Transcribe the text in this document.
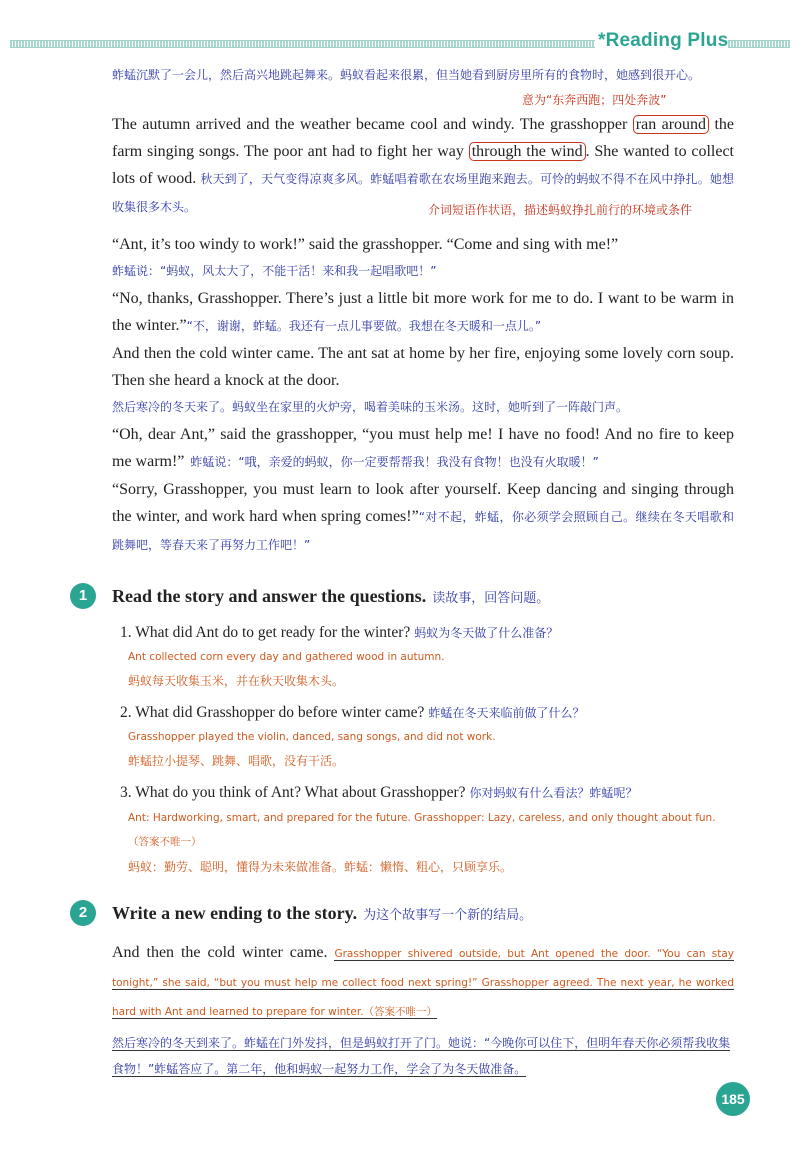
*Reading Plus

蚱蜢沉默了一会儿，然后高兴地跳起舞来。蚂蚁看起来很累，但当她看到厨房里所有的食物时，她感到很开心。

意为“东奔西跑；四处奔波”

The autumn arrived and the weather became cool and windy. The grasshopper ran around the farm singing songs. The poor ant had to fight her way through the wind . She wanted to collect lots of wood. 秋天到了，天气变得凉爽多风。蚱蜢唱着歌在农场里跑来跑去。可怜的蚂蚁不得不在风中挣扎。她想收集很多木头。	介词短语作状语，描述蚂蚁挣扎前行的环境或条件

“Ant, it’s too windy to work!” said the grasshopper. “Come and sing with me!”

蚱蜢说：“蚂蚁，风太大了，不能干活！来和我一起唱歌吧！”

“No, thanks, Grasshopper. There’s just a little bit more work for me to do. I want to be warm in the winter.”“不，谢谢，蚱蜢。我还有一点儿事要做。我想在冬天暖和一点儿。”

And then the cold winter came. The ant sat at home by her fire, enjoying some lovely corn soup. Then she heard a knock at the door.

然后寒冷的冬天来了。蚂蚁坐在家里的火炉旁，喝着美味的玉米汤。这时，她听到了一阵敲门声。

“Oh, dear Ant,” said the grasshopper, “you must help me! I have no food! And no fire to keep me warm!” 蚱蜢说：“哦，亲爱的蚂蚁，你一定要帮帮我！我没有食物！也没有火取暖！”

“Sorry, Grasshopper, you must learn to look after yourself. Keep dancing and singing through the winter, and work hard when spring comes!”“对不起，蚱蜢，你必须学会照顾自己。继续在冬天唱歌和跳舞吧，等春天来了再努力工作吧！”

1	Read the story and answer the questions. 读故事，回答问题。

1. What did Ant do to get ready for the winter? 蚂蚁为冬天做了什么准备？

Ant collected corn every day and gathered wood in autumn.

蚂蚁每天收集玉米，并在秋天收集木头。

2. What did Grasshopper do before winter came? 蚱蜢在冬天来临前做了什么？

Grasshopper played the violin, danced, sang songs, and did not work.

蚱蜢拉小提琴、跳舞、唱歌，没有干活。

3. What do you think of Ant? What about Grasshopper? 你对蚂蚁有什么看法？蚱蜢呢？

Ant: Hardworking, smart, and prepared for the future. Grasshopper: Lazy, careless, and only thought about fun.（答案不唯一）

蚂蚁：勤劳、聪明，懂得为未来做准备。蚱蜢：懒惰、粗心，只顾享乐。

2	Write a new ending to the story. 为这个故事写一个新的结局。

And then the cold winter came. Grasshopper shivered outside, but Ant opened the door. “You can stay tonight,” she said, “but you must help me collect food next spring!” Grasshopper agreed. The next year, he worked hard with Ant and learned to prepare for winter.（答案不唯一）

然后寒冷的冬天到来了。蚱蜢在门外发抖，但是蚂蚁打开了门。她说：“今晚你可以住下，但明年春天你必须帮我收集食物！”蚱蜢答应了。第二年，他和蚂蚁一起努力工作，学会了为冬天做准备。

185
